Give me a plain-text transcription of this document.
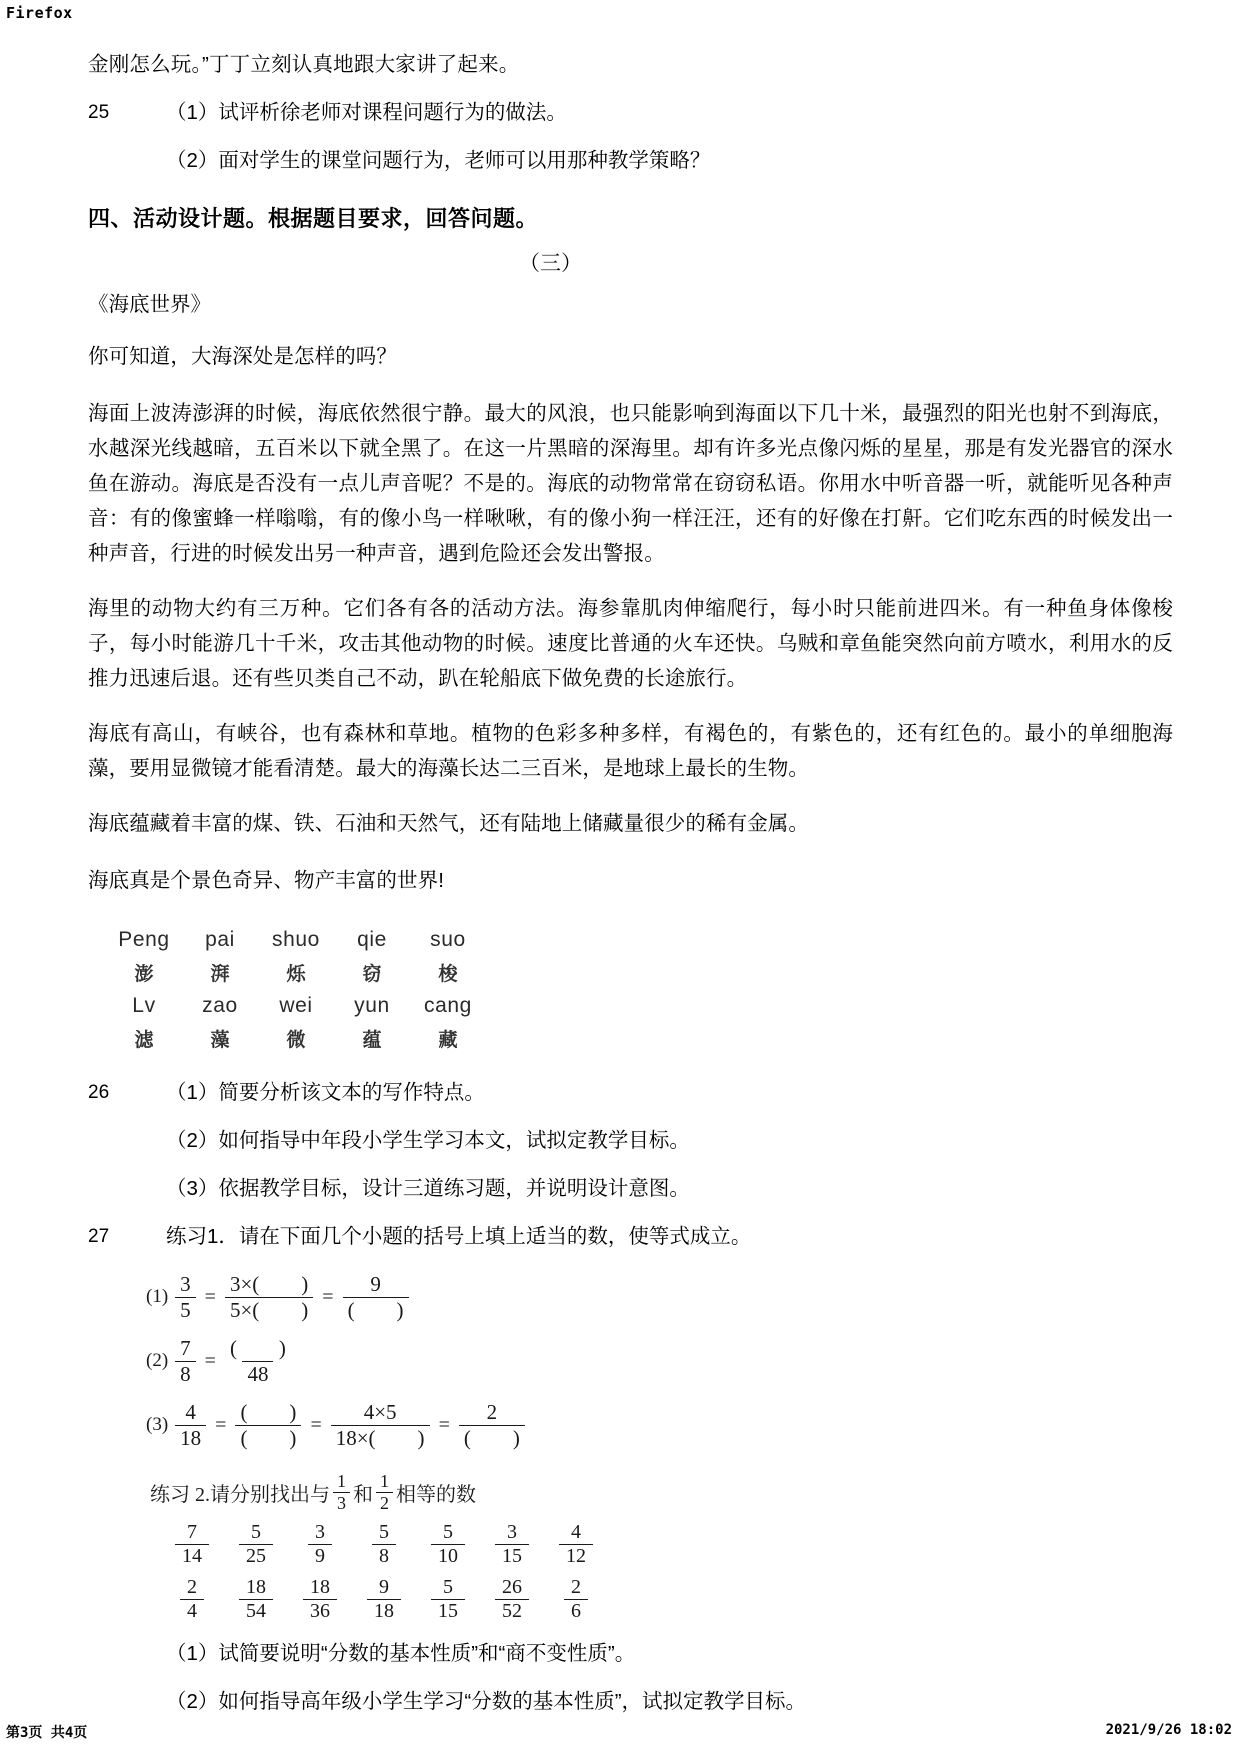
Firefox

金刚怎么玩。”丁丁立刻认真地跟大家讲了起来。

25	（1）试评析徐老师对课程问题行为的做法。
（2）面对学生的课堂问题行为，老师可以用那种教学策略？
四、活动设计题。根据题目要求，回答问题。
（三）
《海底世界》

你可知道，大海深处是怎样的吗？

海面上波涛澎湃的时候，海底依然很宁静。最大的风浪，也只能影响到海面以下几十米，最强烈的阳光也射不到海底，水越深光线越暗，五百米以下就全黑了。在这一片黑暗的深海里。却有许多光点像闪烁的星星，那是有发光器官的深水鱼在游动。海底是否没有一点儿声音呢？不是的。海底的动物常常在窃窃私语。你用水中听音器一听，就能听见各种声音：有的像蜜蜂一样嗡嗡，有的像小鸟一样啾啾，有的像小狗一样汪汪，还有的好像在打鼾。它们吃东西的时候发出一种声音，行进的时候发出另一种声音，遇到危险还会发出警报。

海里的动物大约有三万种。它们各有各的活动方法。海参靠肌肉伸缩爬行，每小时只能前进四米。有一种鱼身体像梭子，每小时能游几十千米，攻击其他动物的时候。速度比普通的火车还快。乌贼和章鱼能突然向前方喷水，利用水的反推力迅速后退。还有些贝类自己不动，趴在轮船底下做免费的长途旅行。

海底有高山，有峡谷，也有森林和草地。植物的色彩多种多样，有褐色的，有紫色的，还有红色的。最小的单细胞海藻，要用显微镜才能看清楚。最大的海藻长达二三百米，是地球上最长的生物。

海底蕴藏着丰富的煤、铁、石油和天然气，还有陆地上储藏量很少的稀有金属。

海底真是个景色奇异、物产丰富的世界!

Peng	pai	shuo	qie	suo
澎	湃	烁	窃	梭
Lv	zao	wei	yun	cang
滤	藻	微	蕴	藏
26	（1）简要分析该文本的写作特点。
（2）如何指导中年段小学生学习本文，试拟定教学目标。
（3）依据教学目标，设计三道练习题，并说明设计意图。
27	练习1．请在下面几个小题的括号上填上适当的数，使等式成立。
$(1) \frac{3}{5} = \frac{3\times( )}{5\times( )} = \frac{9}{( )}$
$(2) \frac{7}{8} = \frac{( )}{48}$
$(3) \frac{4}{18} = \frac{( )}{( )} = \frac{4\times 5}{18\times( )} = \frac{2}{( )}$
练习 2.请分别找出与 $\frac{1}{3}$ 和 $\frac{1}{2}$ 相等的数
$\frac{7}{14} \frac{5}{25} \frac{3}{9} \frac{5}{8} \frac{5}{10} \frac{3}{15} \frac{4}{12}$
$\frac{2}{4} \frac{18}{54} \frac{18}{36} \frac{9}{18} \frac{5}{15} \frac{26}{52} \frac{2}{6}$
（1）试简要说明“分数的基本性质”和“商不变性质”。
（2）如何指导高年级小学生学习“分数的基本性质”，试拟定教学目标。
第3页 共4页	2021/9/26 18:02
